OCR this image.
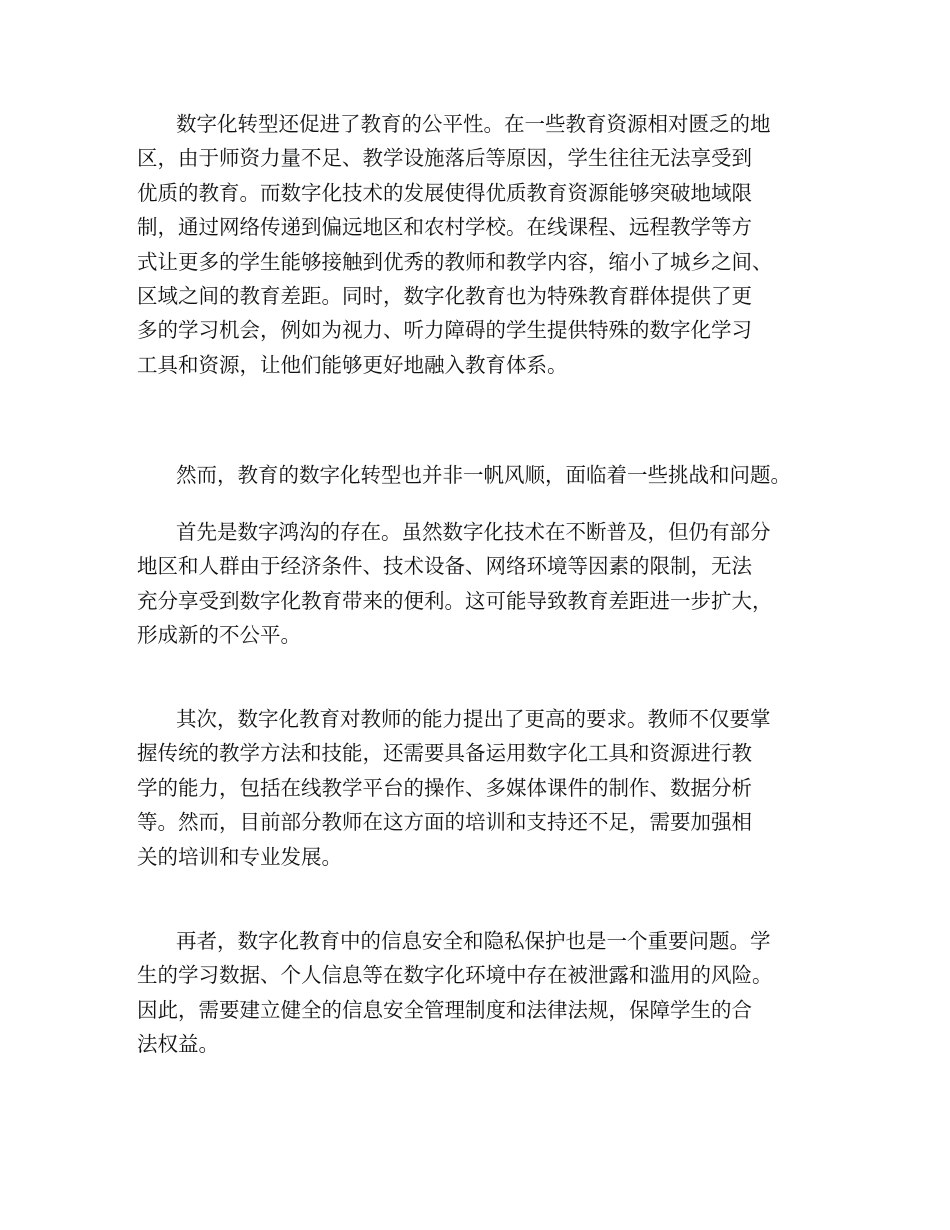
数字化转型还促进了教育的公平性。在一些教育资源相对匮乏的地
区，由于师资力量不足、教学设施落后等原因，学生往往无法享受到
优质的教育。而数字化技术的发展使得优质教育资源能够突破地域限
制，通过网络传递到偏远地区和农村学校。在线课程、远程教学等方
式让更多的学生能够接触到优秀的教师和教学内容，缩小了城乡之间、
区域之间的教育差距。同时，数字化教育也为特殊教育群体提供了更
多的学习机会，例如为视力、听力障碍的学生提供特殊的数字化学习
工具和资源，让他们能够更好地融入教育体系。
然而，教育的数字化转型也并非一帆风顺，面临着一些挑战和问题。
首先是数字鸿沟的存在。虽然数字化技术在不断普及，但仍有部分
地区和人群由于经济条件、技术设备、网络环境等因素的限制，无法
充分享受到数字化教育带来的便利。这可能导致教育差距进一步扩大，
形成新的不公平。
其次，数字化教育对教师的能力提出了更高的要求。教师不仅要掌
握传统的教学方法和技能，还需要具备运用数字化工具和资源进行教
学的能力，包括在线教学平台的操作、多媒体课件的制作、数据分析
等。然而，目前部分教师在这方面的培训和支持还不足，需要加强相
关的培训和专业发展。
再者，数字化教育中的信息安全和隐私保护也是一个重要问题。学
生的学习数据、个人信息等在数字化环境中存在被泄露和滥用的风险。
因此，需要建立健全的信息安全管理制度和法律法规，保障学生的合
法权益。
